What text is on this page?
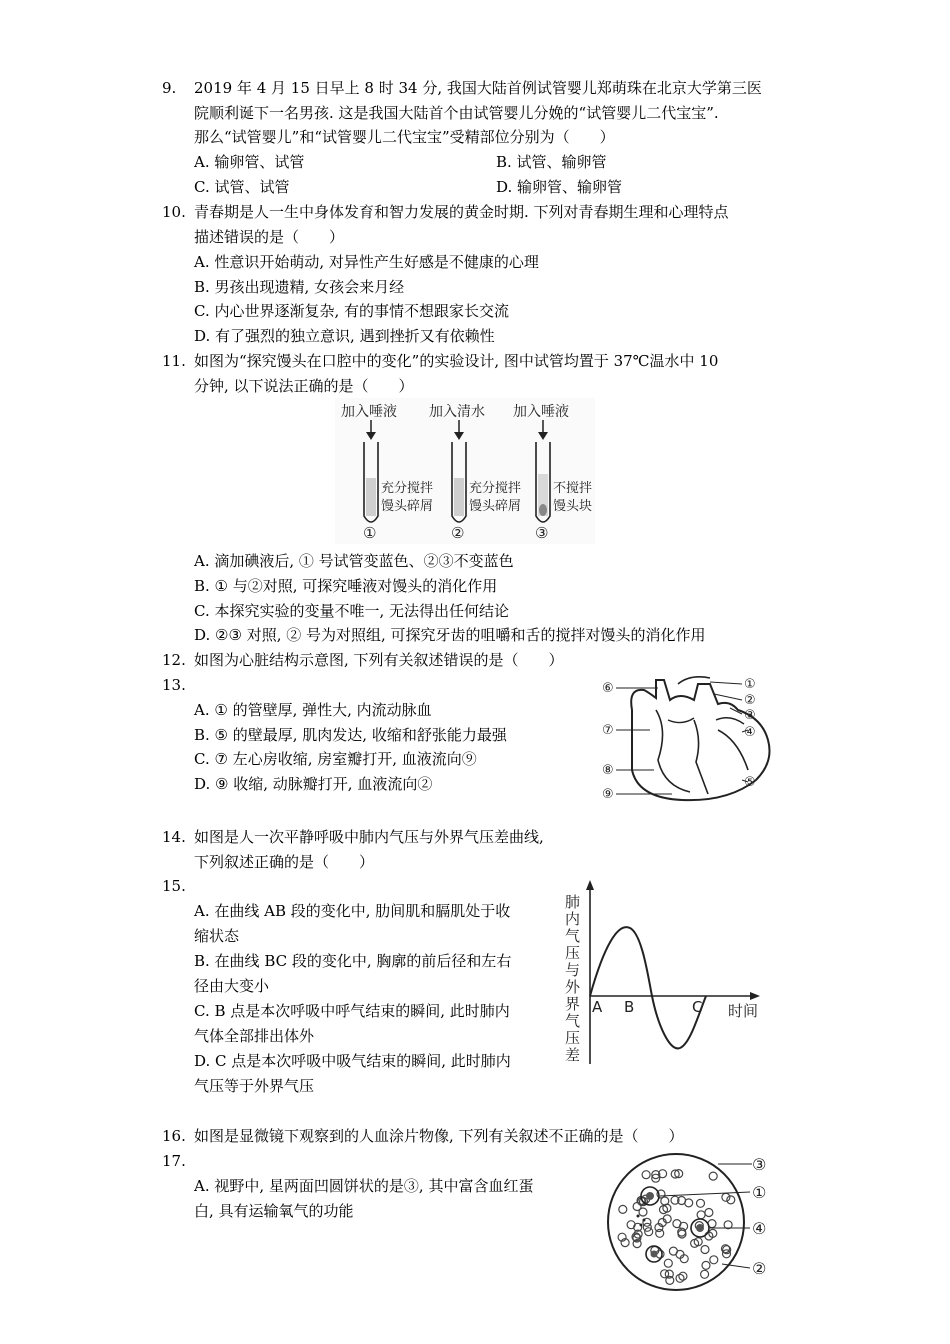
9.	2019 年 4 月 15 日早上 8 时 34 分, 我国大陆首例试管婴儿郑萌珠在北京大学第三医
院顺利诞下一名男孩. 这是我国大陆首个由试管婴儿分娩的“试管婴儿二代宝宝”.
那么“试管婴儿”和“试管婴儿二代宝宝”受精部位分别为（　　）
A. 输卵管、试管	B. 试管、输卵管
C. 试管、试管	D. 输卵管、输卵管
10. 青春期是人一生中身体发育和智力发展的黄金时期. 下列对青春期生理和心理特点
描述错误的是（　　）
A. 性意识开始萌动, 对异性产生好感是不健康的心理
B. 男孩出现遗精, 女孩会来月经
C. 内心世界逐渐复杂, 有的事情不想跟家长交流
D. 有了强烈的独立意识, 遇到挫折又有依赖性
11. 如图为“探究馒头在口腔中的变化”的实验设计, 图中试管均置于 37℃温水中 10
分钟, 以下说法正确的是（　　）
加入唾液
充分搅拌
馒头碎屑
①
加入清水
充分搅拌
馒头碎屑
②
加入唾液
不搅拌
馒头块
③
A. 滴加碘液后, ① 号试管变蓝色、②③不变蓝色
B. ① 与②对照, 可探究唾液对馒头的消化作用
C. 本探究实验的变量不唯一, 无法得出任何结论
D. ②③ 对照, ② 号为对照组, 可探究牙齿的咀嚼和舌的搅拌对馒头的消化作用
12. 如图为心脏结构示意图, 下列有关叙述错误的是（　　）
13.
A. ① 的管壁厚, 弹性大, 内流动脉血
B. ⑤ 的壁最厚, 肌肉发达, 收缩和舒张能力最强
C. ⑦ 左心房收缩, 房室瓣打开, 血液流向⑨
D. ⑨ 收缩, 动脉瓣打开, 血液流向②
⑥	①
②
③
⑦	④
⑧
⑤
⑨
14. 如图是人一次平静呼吸中肺内气压与外界气压差曲线,
下列叙述正确的是（　　）
15.
A. 在曲线 AB 段的变化中, 肋间肌和膈肌处于收
缩状态
B. 在曲线 BC 段的变化中, 胸廓的前后径和左右
径由大变小
C. B 点是本次呼吸中呼气结束的瞬间, 此时肺内
气体全部排出体外
D. C 点是本次呼吸中吸气结束的瞬间, 此时肺内
气压等于外界气压
肺内气压与外界气压差 A B	C 时间
16. 如图是显微镜下观察到的人血涂片物像, 下列有关叙述不正确的是（　　）
17.
A. 视野中, 星两面凹圆饼状的是③, 其中富含血红蛋
白, 具有运输氧气的功能
③
①
④
②
